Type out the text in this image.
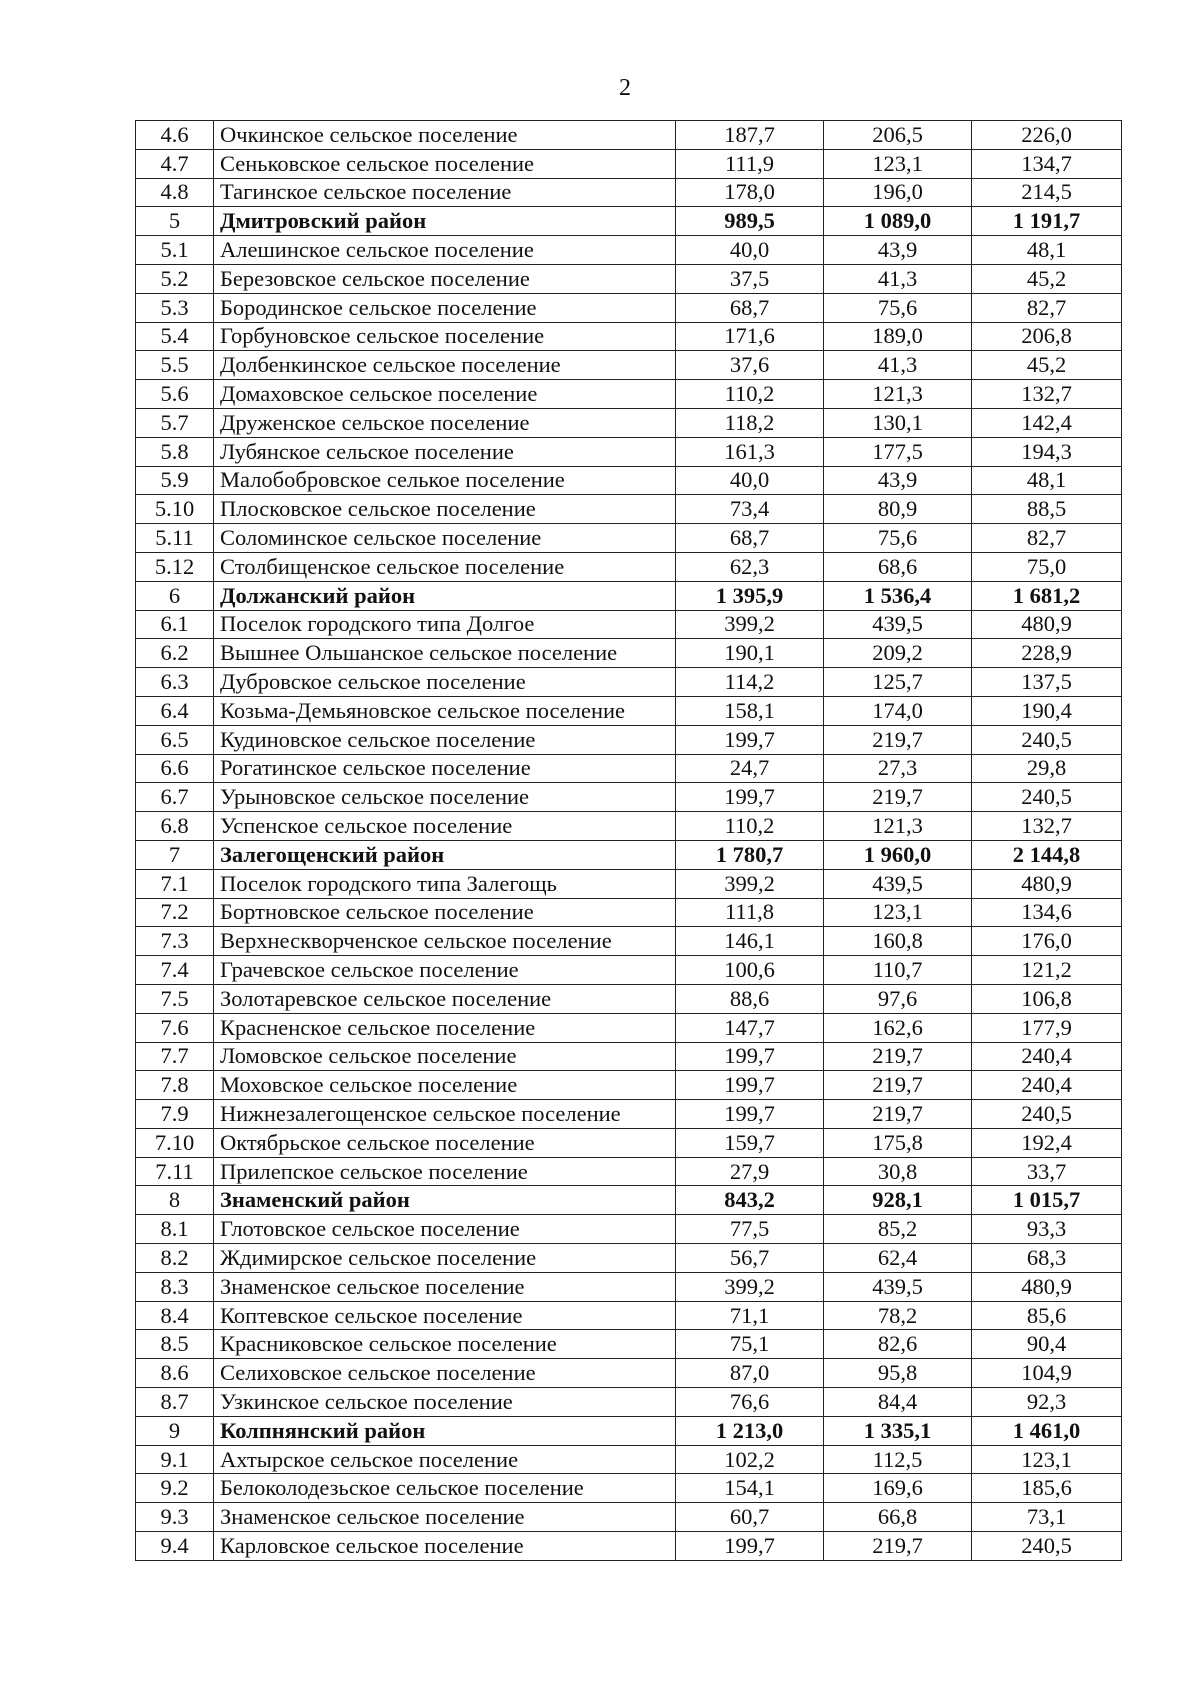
2
4.6	Очкинское сельское поселение	187,7	206,5	226,0
4.7	Сеньковское сельское поселение	111,9	123,1	134,7
4.8	Тагинское сельское поселение	178,0	196,0	214,5
5	Дмитровский район	989,5	1 089,0	1 191,7
5.1	Алешинское сельское поселение	40,0	43,9	48,1
5.2	Березовское сельское поселение	37,5	41,3	45,2
5.3	Бородинское сельское поселение	68,7	75,6	82,7
5.4	Горбуновское сельское поселение	171,6	189,0	206,8
5.5	Долбенкинское сельское поселение	37,6	41,3	45,2
5.6	Домаховское сельское поселение	110,2	121,3	132,7
5.7	Друженское сельское поселение	118,2	130,1	142,4
5.8	Лубянское сельское поселение	161,3	177,5	194,3
5.9	Малобобровское селькое поселение	40,0	43,9	48,1
5.10	Плосковское сельское поселение	73,4	80,9	88,5
5.11	Соломинское сельское поселение	68,7	75,6	82,7
5.12	Столбищенское сельское поселение	62,3	68,6	75,0
6	Должанский район	1 395,9	1 536,4	1 681,2
6.1	Поселок городского типа Долгое	399,2	439,5	480,9
6.2	Вышнее Ольшанское сельское поселение	190,1	209,2	228,9
6.3	Дубровское сельское поселение	114,2	125,7	137,5
6.4	Козьма-Демьяновское сельское поселение	158,1	174,0	190,4
6.5	Кудиновское сельское поселение	199,7	219,7	240,5
6.6	Рогатинское сельское поселение	24,7	27,3	29,8
6.7	Урыновское сельское поселение	199,7	219,7	240,5
6.8	Успенское сельское поселение	110,2	121,3	132,7
7	Залегощенский район	1 780,7	1 960,0	2 144,8
7.1	Поселок городского типа Залегощь	399,2	439,5	480,9
7.2	Бортновское сельское поселение	111,8	123,1	134,6
7.3	Верхнескворченское сельское поселение	146,1	160,8	176,0
7.4	Грачевское сельское поселение	100,6	110,7	121,2
7.5	Золотаревское сельское поселение	88,6	97,6	106,8
7.6	Красненское сельское поселение	147,7	162,6	177,9
7.7	Ломовское сельское поселение	199,7	219,7	240,4
7.8	Моховское сельское поселение	199,7	219,7	240,4
7.9	Нижнезалегощенское сельское поселение	199,7	219,7	240,5
7.10	Октябрьское сельское поселение	159,7	175,8	192,4
7.11	Прилепское сельское поселение	27,9	30,8	33,7
8	Знаменский район	843,2	928,1	1 015,7
8.1	Глотовское сельское поселение	77,5	85,2	93,3
8.2	Ждимирское сельское поселение	56,7	62,4	68,3
8.3	Знаменское сельское поселение	399,2	439,5	480,9
8.4	Коптевское сельское поселение	71,1	78,2	85,6
8.5	Красниковское сельское поселение	75,1	82,6	90,4
8.6	Селиховское сельское поселение	87,0	95,8	104,9
8.7	Узкинское сельское поселение	76,6	84,4	92,3
9	Колпнянский район	1 213,0	1 335,1	1 461,0
9.1	Ахтырское сельское поселение	102,2	112,5	123,1
9.2	Белоколодезьское сельское поселение	154,1	169,6	185,6
9.3	Знаменское сельское поселение	60,7	66,8	73,1
9.4	Карловское сельское поселение	199,7	219,7	240,5
